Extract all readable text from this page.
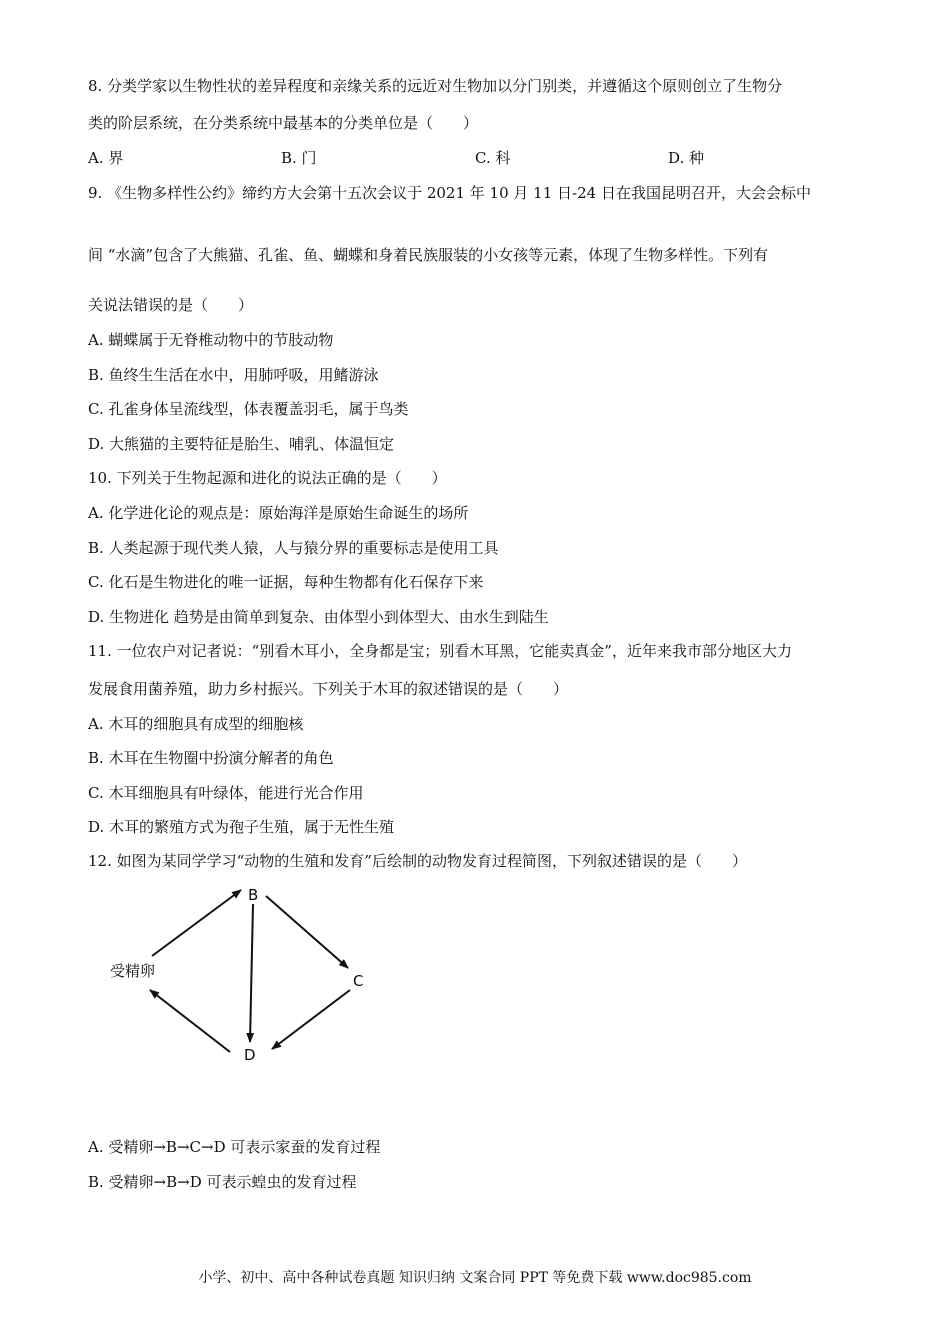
8. 分类学家以生物性状的差异程度和亲缘关系的远近对生物加以分门别类，并遵循这个原则创立了生物分
类的阶层系统，在分类系统中最基本的分类单位是（　　）
A. 界	B. 门	C. 科	D. 种
9. 《生物多样性公约》缔约方大会第十五次会议于 2021 年 10 月 11 日-24 日在我国昆明召开，大会会标中
间 “水滴”包含了大熊猫、孔雀、鱼、蝴蝶和身着民族服装的小女孩等元素，体现了生物多样性。下列有
关说法错误的是（　　）
A. 蝴蝶属于无脊椎动物中的节肢动物
B. 鱼终生生活在水中，用肺呼吸，用鳍游泳
C. 孔雀身体呈流线型，体表覆盖羽毛，属于鸟类
D. 大熊猫的主要特征是胎生、哺乳、体温恒定
10. 下列关于生物起源和进化的说法正确的是（　　）
A. 化学进化论的观点是：原始海洋是原始生命诞生的场所
B. 人类起源于现代类人猿，人与猿分界的重要标志是使用工具
C. 化石是生物进化的唯一证据，每种生物都有化石保存下来
D. 生物进化 趋势是由简单到复杂、由体型小到体型大、由水生到陆生
11. 一位农户对记者说：“别看木耳小，全身都是宝；别看木耳黑，它能卖真金”，近年来我市部分地区大力
发展食用菌养殖，助力乡村振兴。下列关于木耳的叙述错误的是（　　）
A. 木耳的细胞具有成型的细胞核
B. 木耳在生物圈中扮演分解者的角色
C. 木耳细胞具有叶绿体，能进行光合作用
D. 木耳的繁殖方式为孢子生殖，属于无性生殖
12. 如图为某同学学习“动物的生殖和发育”后绘制的动物发育过程简图，下列叙述错误的是（　　）
受精卵
B
C
D
A. 受精卵→B→C→D 可表示家蚕的发育过程
B. 受精卵→B→D 可表示蝗虫的发育过程
小学、初中、高中各种试卷真题 知识归纳 文案合同 PPT 等免费下载 www.doc985.com
